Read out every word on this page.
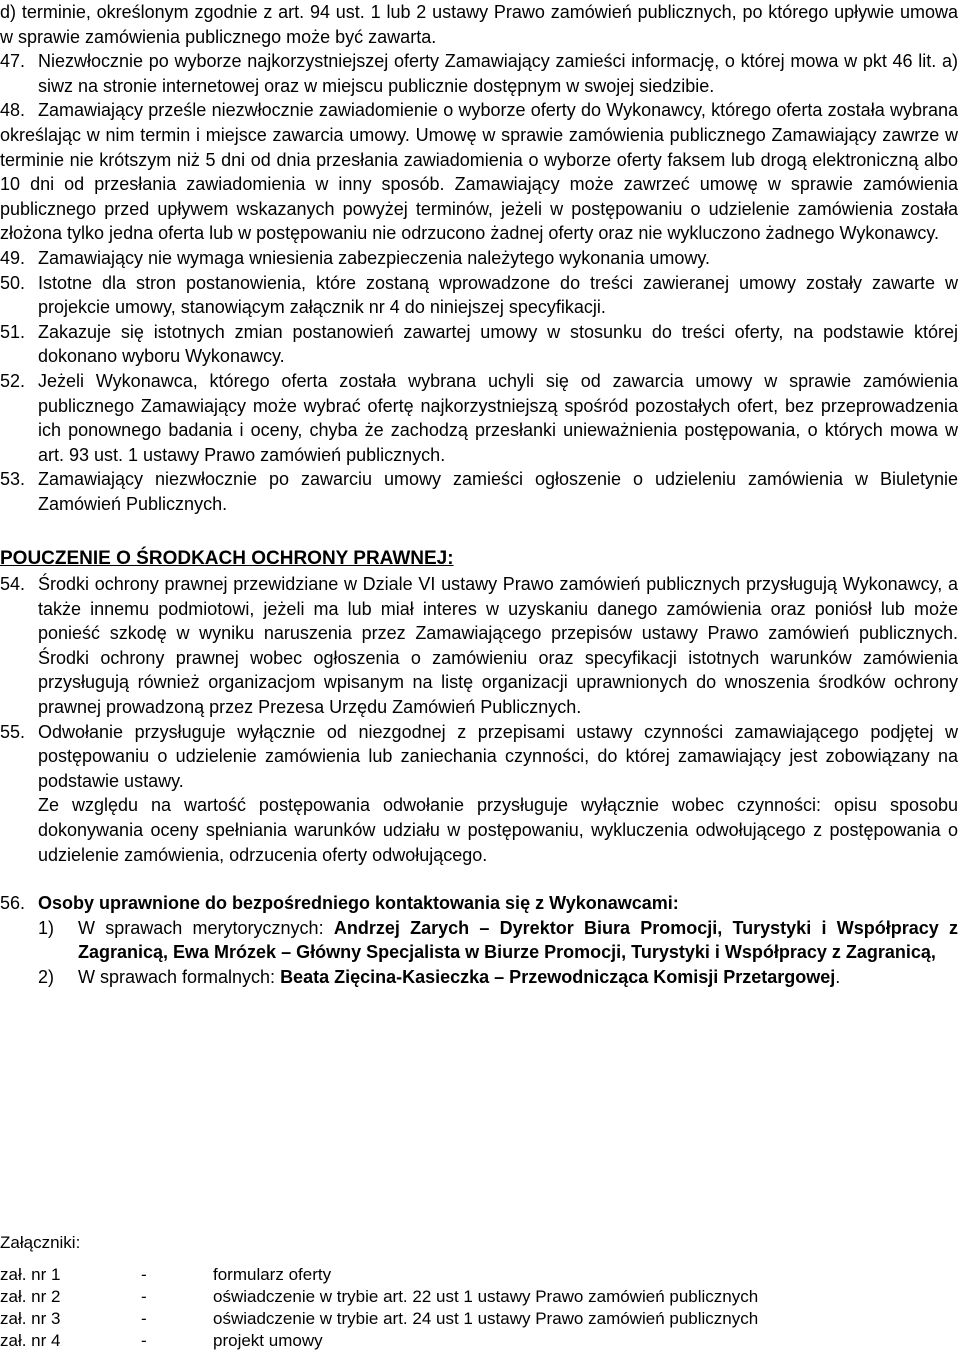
d) terminie, określonym zgodnie z art. 94 ust. 1 lub 2 ustawy Prawo zamówień publicznych, po którego upływie umowa w sprawie zamówienia publicznego może być zawarta.

47. Niezwłocznie po wyborze najkorzystniejszej oferty Zamawiający zamieści informację, o której mowa w pkt 46 lit. a) siwz na stronie internetowej oraz w miejscu publicznie dostępnym w swojej siedzibie.
48. Zamawiający prześle niezwłocznie zawiadomienie o wyborze oferty do Wykonawcy, którego oferta została wybrana określając w nim termin i miejsce zawarcia umowy. Umowę w sprawie zamówienia publicznego Zamawiający zawrze w terminie nie krótszym niż 5 dni od dnia przesłania zawiadomienia o wyborze oferty faksem lub drogą elektroniczną albo 10 dni od przesłania zawiadomienia w inny sposób. Zamawiający może zawrzeć umowę w sprawie zamówienia publicznego przed upływem wskazanych powyżej terminów, jeżeli w postępowaniu o udzielenie zamówienia została złożona tylko jedna oferta lub w postępowaniu nie odrzucono żadnej oferty oraz nie wykluczono żadnego Wykonawcy.
49. Zamawiający nie wymaga wniesienia zabezpieczenia należytego wykonania umowy.
50. Istotne dla stron postanowienia, które zostaną wprowadzone do treści zawieranej umowy zostały zawarte w projekcie umowy, stanowiącym załącznik nr 4 do niniejszej specyfikacji.
51. Zakazuje się istotnych zmian postanowień zawartej umowy w stosunku do treści oferty, na podstawie której dokonano wyboru Wykonawcy.
52. Jeżeli Wykonawca, którego oferta została wybrana uchyli się od zawarcia umowy w sprawie zamówienia publicznego Zamawiający może wybrać ofertę najkorzystniejszą spośród pozostałych ofert, bez przeprowadzenia ich ponownego badania i oceny, chyba że zachodzą przesłanki unieważnienia postępowania, o których mowa w art. 93 ust. 1 ustawy Prawo zamówień publicznych.
53. Zamawiający niezwłocznie po zawarciu umowy zamieści ogłoszenie o udzieleniu zamówienia w Biuletynie Zamówień Publicznych.
POUCZENIE O ŚRODKACH OCHRONY PRAWNEJ:
54. Środki ochrony prawnej przewidziane w Dziale VI ustawy Prawo zamówień publicznych przysługują Wykonawcy, a także innemu podmiotowi, jeżeli ma lub miał interes w uzyskaniu danego zamówienia oraz poniósł lub może ponieść szkodę w wyniku naruszenia przez Zamawiającego przepisów ustawy Prawo zamówień publicznych. Środki ochrony prawnej wobec ogłoszenia o zamówieniu oraz specyfikacji istotnych warunków zamówienia przysługują również organizacjom wpisanym na listę organizacji uprawnionych do wnoszenia środków ochrony prawnej prowadzoną przez Prezesa Urzędu Zamówień Publicznych.
55. Odwołanie przysługuje wyłącznie od niezgodnej z przepisami ustawy czynności zamawiającego podjętej w postępowaniu o udzielenie zamówienia lub zaniechania czynności, do której zamawiający jest zobowiązany na podstawie ustawy.
Ze względu na wartość postępowania odwołanie przysługuje wyłącznie wobec czynności: opisu sposobu dokonywania oceny spełniania warunków udziału w postępowaniu, wykluczenia odwołującego z postępowania o udzielenie zamówienia, odrzucenia oferty odwołującego.
56. Osoby uprawnione do bezpośredniego kontaktowania się z Wykonawcami:
1) W sprawach merytorycznych: Andrzej Zarych – Dyrektor Biura Promocji, Turystyki i Współpracy z Zagranicą, Ewa Mrózek – Główny Specjalista w Biurze Promocji, Turystyki i Współpracy z Zagranicą,
2) W sprawach formalnych: Beata Zięcina-Kasieczka – Przewodnicząca Komisji Przetargowej.
Załączniki:
zał. nr 1	-	formularz oferty
zał. nr 2	-	oświadczenie w trybie art. 22 ust 1 ustawy Prawo zamówień publicznych
zał. nr 3	-	oświadczenie w trybie art. 24 ust 1 ustawy Prawo zamówień publicznych
zał. nr 4	-	projekt umowy
